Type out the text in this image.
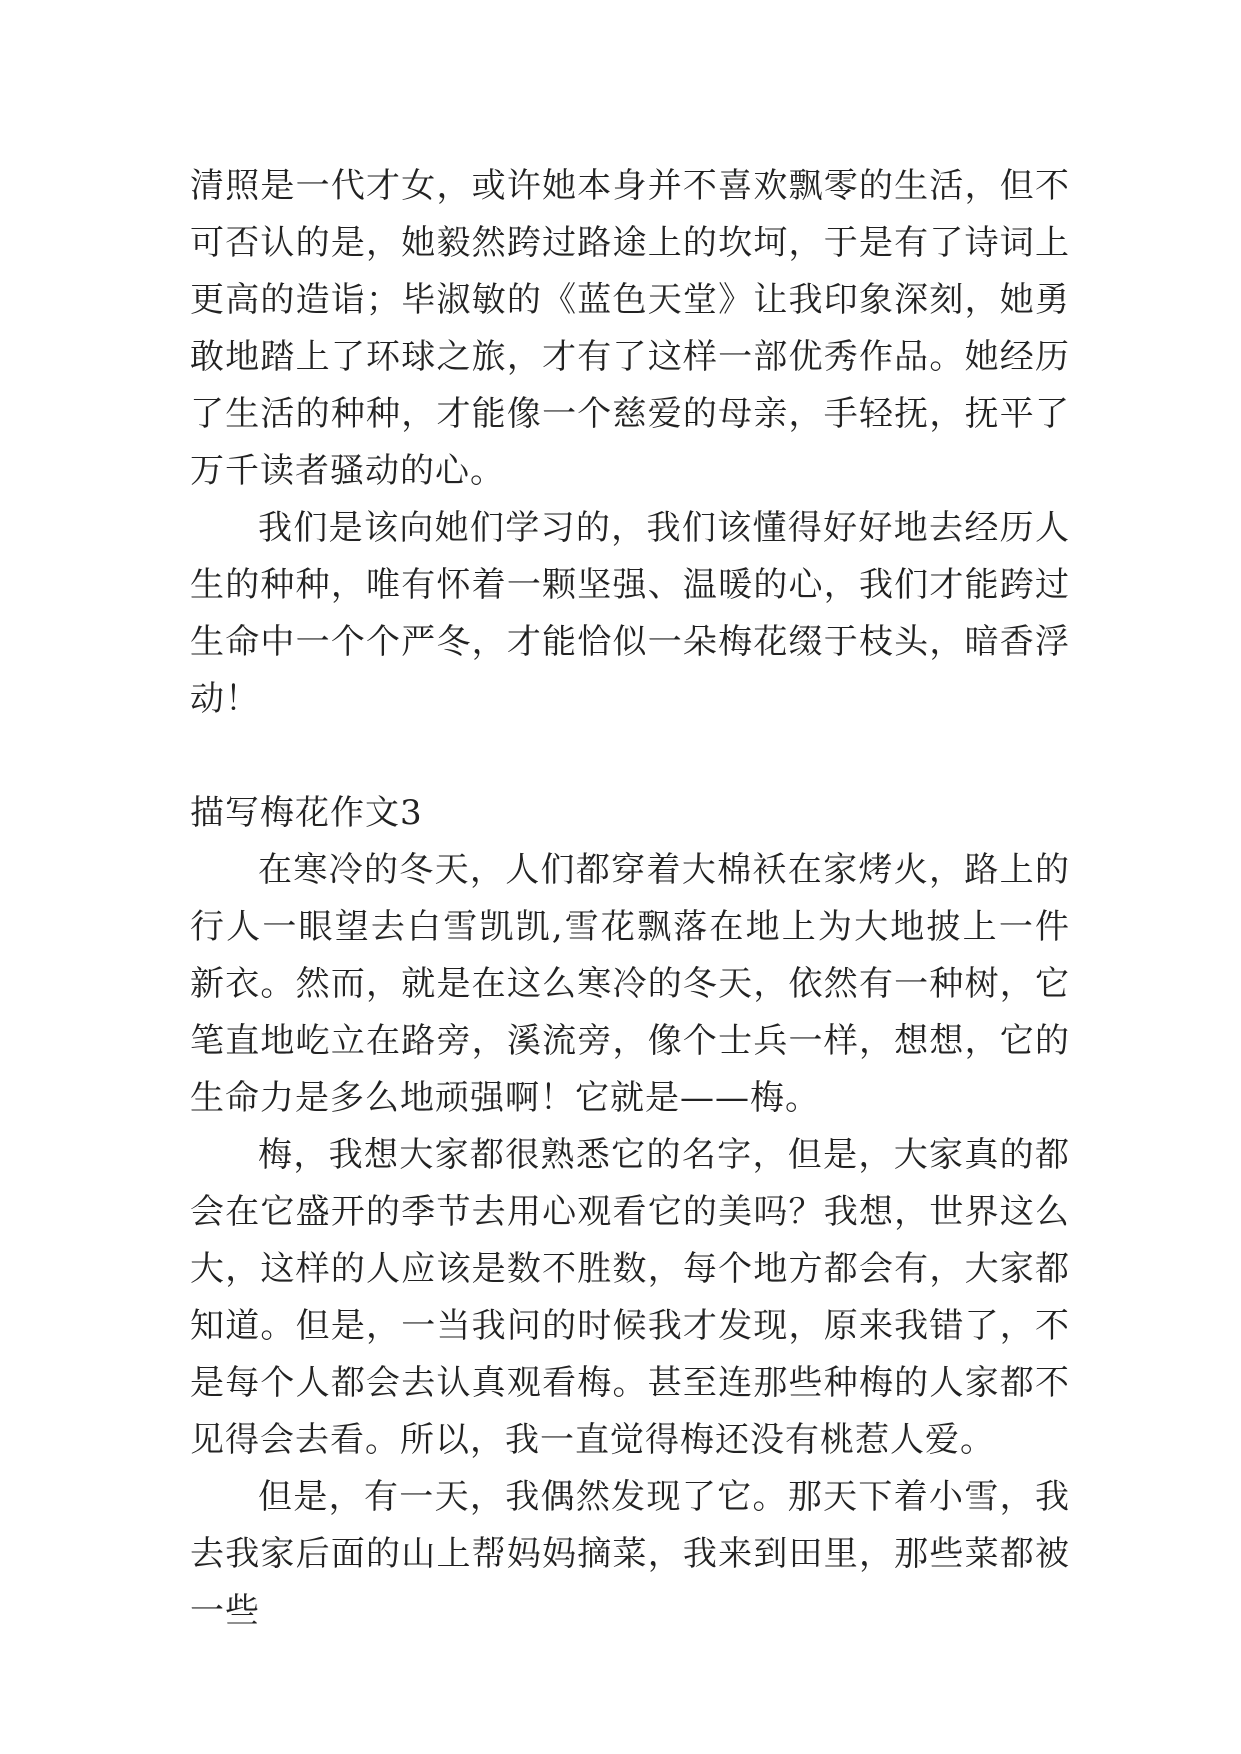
清照是一代才女，或许她本身并不喜欢飘零的生活，但不可否认的是，她毅然跨过路途上的坎坷，于是有了诗词上更高的造诣；毕淑敏的《蓝色天堂》让我印象深刻，她勇敢地踏上了环球之旅，才有了这样一部优秀作品。她经历了生活的种种，才能像一个慈爱的母亲，手轻抚，抚平了万千读者骚动的心。

我们是该向她们学习的，我们该懂得好好地去经历人生的种种，唯有怀着一颗坚强、温暖的心，我们才能跨过生命中一个个严冬，才能恰似一朵梅花缀于枝头，暗香浮动！

描写梅花作文3

在寒冷的冬天，人们都穿着大棉袄在家烤火，路上的行人一眼望去白雪凯凯,雪花飘落在地上为大地披上一件新衣。然而，就是在这么寒冷的冬天，依然有一种树，它笔直地屹立在路旁，溪流旁，像个士兵一样，想想，它的生命力是多么地顽强啊！它就是——梅。

梅，我想大家都很熟悉它的名字，但是，大家真的都会在它盛开的季节去用心观看它的美吗？我想，世界这么大，这样的人应该是数不胜数，每个地方都会有，大家都知道。但是，一当我问的时候我才发现，原来我错了，不是每个人都会去认真观看梅。甚至连那些种梅的人家都不见得会去看。所以，我一直觉得梅还没有桃惹人爱。

但是，有一天，我偶然发现了它。那天下着小雪，我去我家后面的山上帮妈妈摘菜，我来到田里，那些菜都被一些
